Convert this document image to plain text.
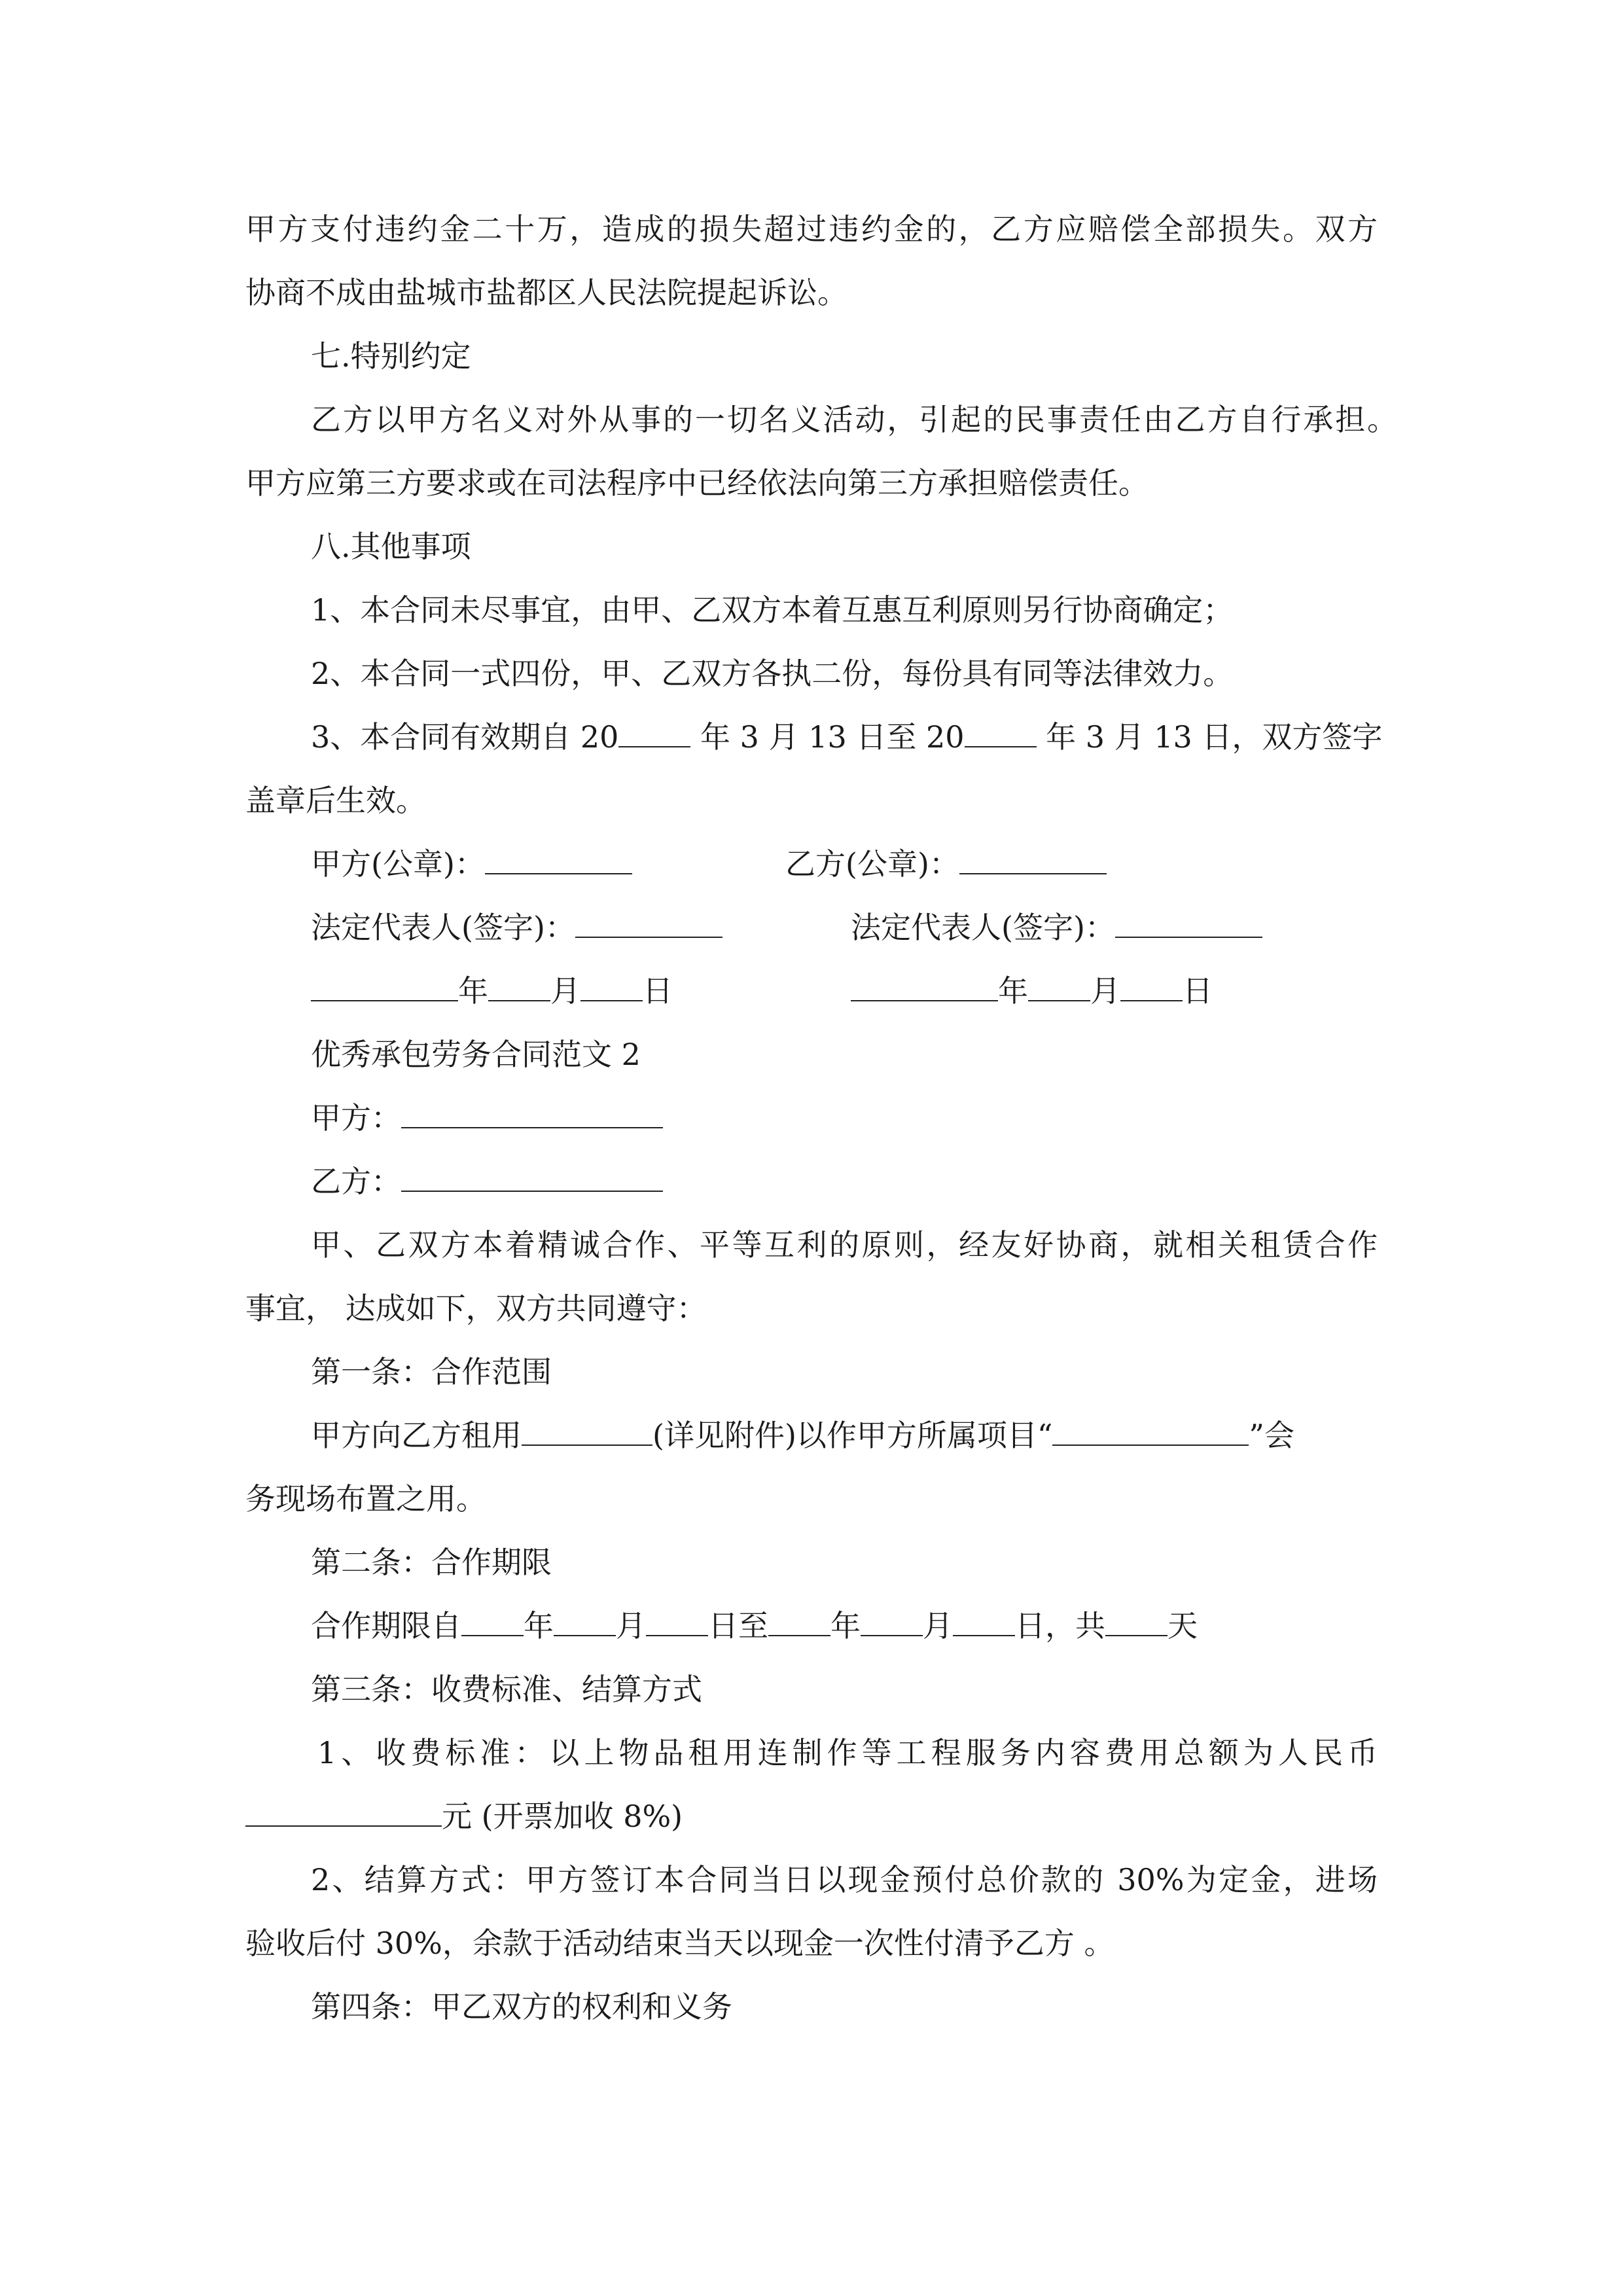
甲方支付违约金二十万，造成的损失超过违约金的，乙方应赔偿全部损失。双方
协商不成由盐城市盐都区人民法院提起诉讼。
七.特别约定
乙方以甲方名义对外从事的一切名义活动，引起的民事责任由乙方自行承担。
甲方应第三方要求或在司法程序中已经依法向第三方承担赔偿责任。
八.其他事项
1、本合同未尽事宜，由甲、乙双方本着互惠互利原则另行协商确定；
2、本合同一式四份，甲、乙双方各执二份，每份具有同等法律效力。
3、本合同有效期自 20	年 3 月 13 日至 20	年 3 月 13 日，双方签字
盖章后生效。
甲方(公章)：	乙方(公章)：
法定代表人(签字)：	法定代表人(签字)：
年 月 日	年 月 日
优秀承包劳务合同范文 2
甲方：
乙方：
甲、乙双方本着精诚合作、平等互利的原则，经友好协商，就相关租赁合作
事宜， 达成如下，双方共同遵守：
第一条：合作范围
甲方向乙方租用	(详见附件)以作甲方所属项目“	”会
务现场布置之用。
第二条：合作期限
合作期限自 年 月 日至 年 月 日，共 天
第三条：收费标准、结算方式
1、收费标准：以上物品租用连制作等工程服务内容费用总额为人民币
元 (开票加收 8%)
2、结算方式：甲方签订本合同当日以现金预付总价款的 30%为定金，进场
验收后付 30%，余款于活动结束当天以现金一次性付清予乙方 。
第四条：甲乙双方的权利和义务
